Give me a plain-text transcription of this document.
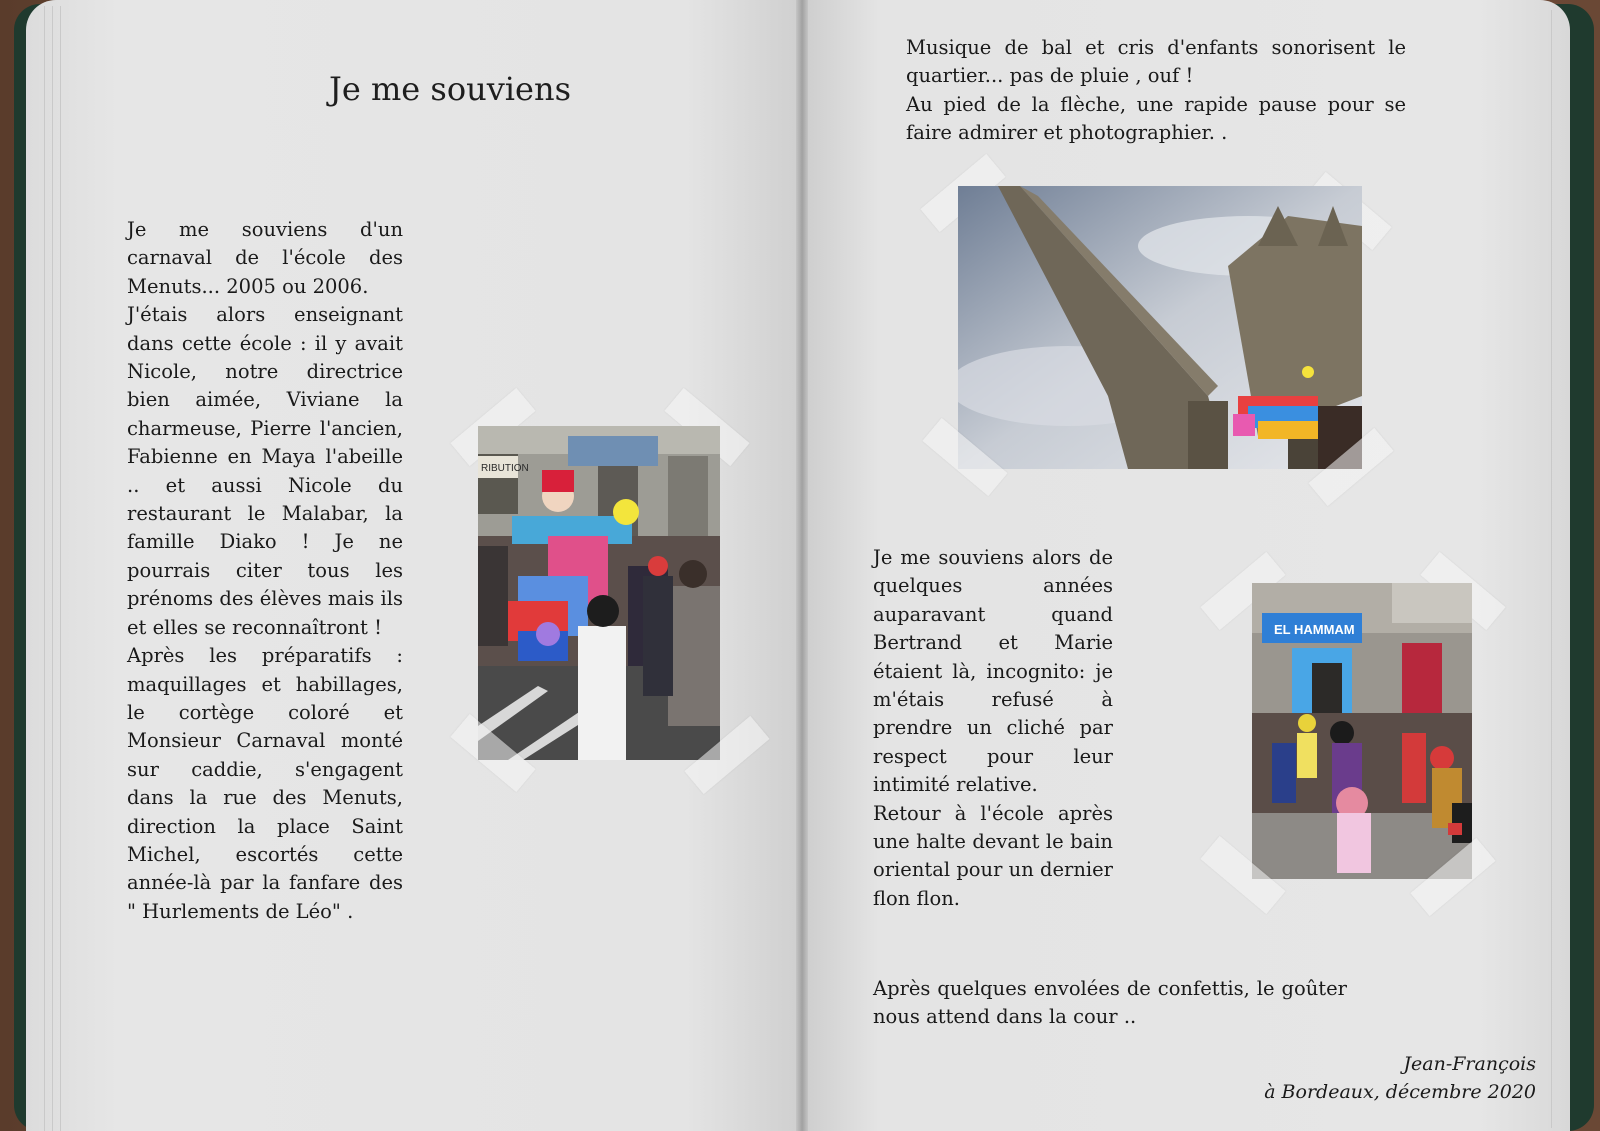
Je me souviens

Je me souviens d'un carnaval de l'école des Menuts... 2005 ou 2006.

J'étais alors enseignant dans cette école : il y avait Nicole, notre directrice bien aimée, Viviane la charmeuse, Pierre l'ancien, Fabienne en Maya l'abeille .. et aussi Nicole du restaurant le Malabar, la famille Diako ! Je ne pourrais citer tous les prénoms des élèves mais ils et elles se reconnaîtront !

Après les préparatifs : maquillages et habillages, le cortège coloré et Monsieur Carnaval monté sur caddie, s'engagent dans la rue des Menuts, direction la place Saint Michel, escortés cette année-là par la fanfare des " Hurlements de Léo" .

RIBUTION

Musique de bal et cris d'enfants sonorisent le quartier... pas de pluie , ouf !

Au pied de la flèche, une rapide pause pour se faire admirer et photographier. .

Je me souviens alors de quelques années auparavant quand Bertrand et Marie étaient là, incognito: je m'étais refusé à prendre un cliché par respect pour leur intimité relative.

Retour à l'école après une halte devant le bain oriental pour un dernier flon flon.

EL HAMMAM
Après quelques envolées de confettis, le goûter nous attend dans la cour ..
Jean-François
à Bordeaux, décembre 2020
